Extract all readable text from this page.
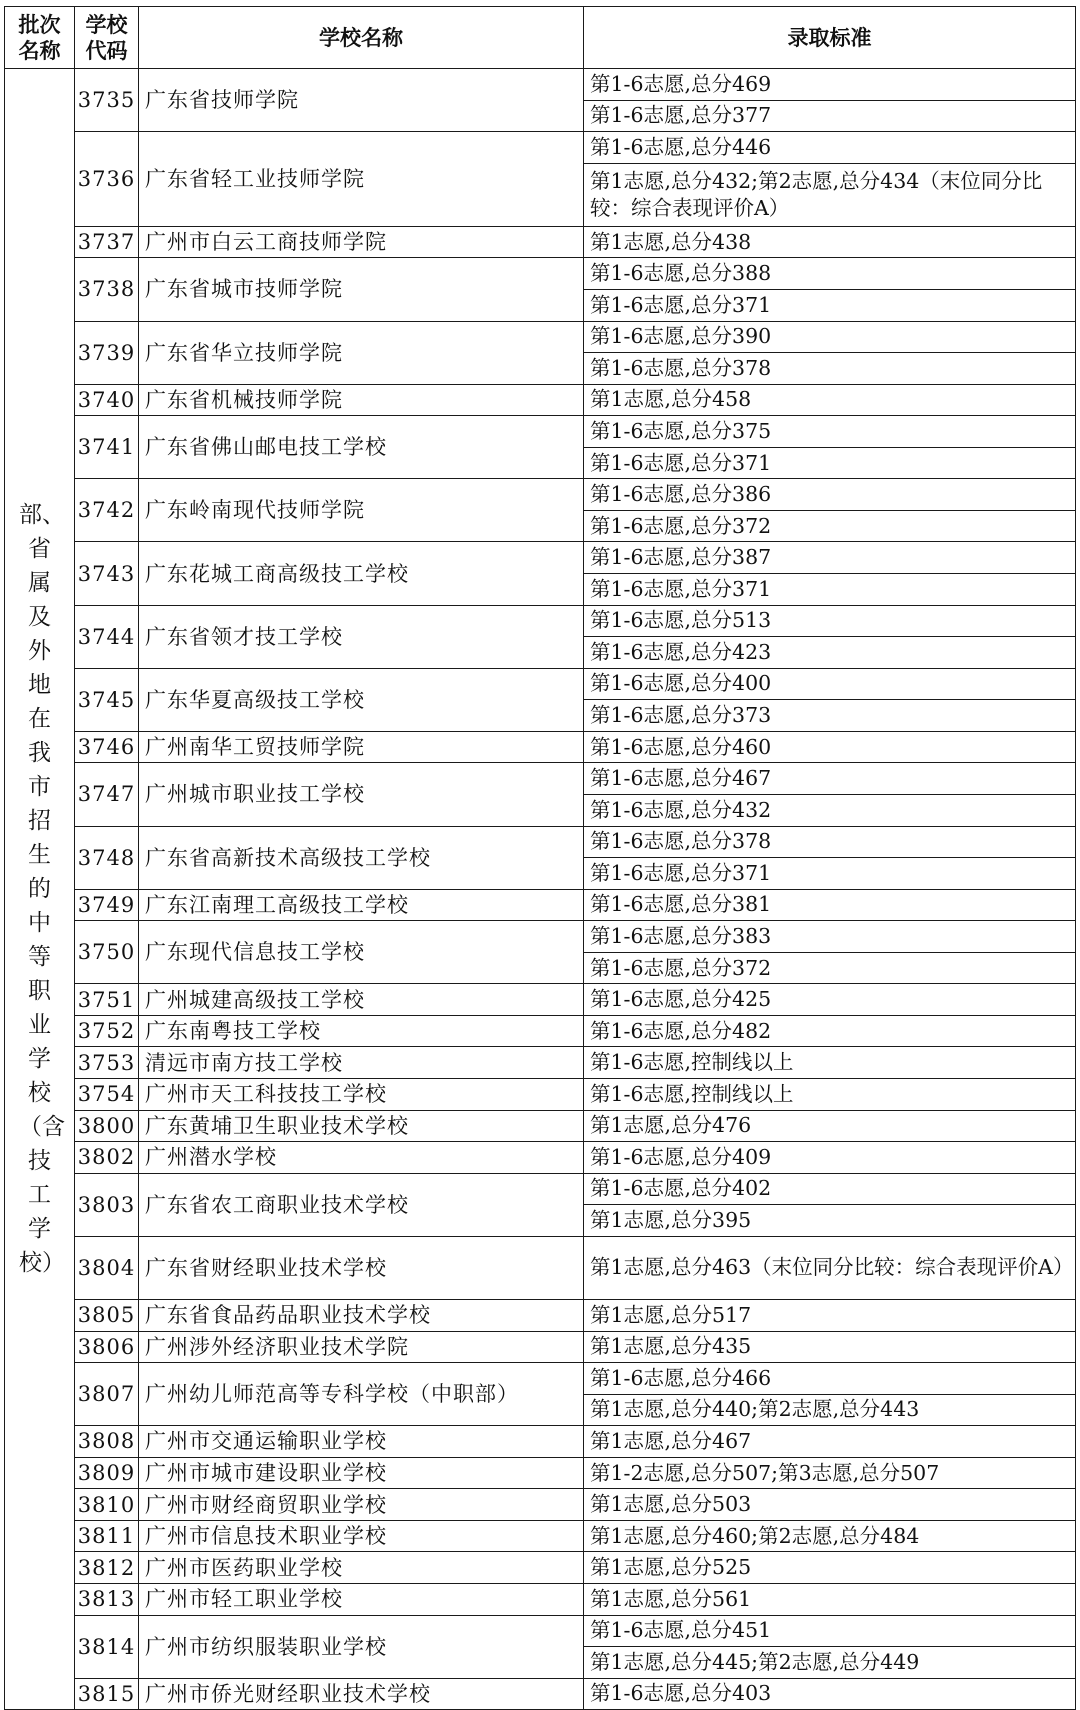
批次名称	学校代码	学校名称	录取标准
部、省属及外地在我市招生的中等职业学校（含技工学校）	3735	广东省技师学院	第1-6志愿,总分469
			第1-6志愿,总分377
	3736	广东省轻工业技师学院	第1-6志愿,总分446
			第1志愿,总分432;第2志愿,总分434（末位同分比较：综合表现评价A）

	3737	广州市白云工商技师学院	第1志愿,总分438
	3738	广东省城市技师学院	第1-6志愿,总分388
			第1-6志愿,总分371
	3739	广东省华立技师学院	第1-6志愿,总分390
			第1-6志愿,总分378
	3740	广东省机械技师学院	第1志愿,总分458
	3741	广东省佛山邮电技工学校	第1-6志愿,总分375
			第1-6志愿,总分371
	3742	广东岭南现代技师学院	第1-6志愿,总分386
			第1-6志愿,总分372
	3743	广东花城工商高级技工学校	第1-6志愿,总分387
			第1-6志愿,总分371
	3744	广东省领才技工学校	第1-6志愿,总分513
			第1-6志愿,总分423
	3745	广东华夏高级技工学校	第1-6志愿,总分400
			第1-6志愿,总分373
	3746	广州南华工贸技师学院	第1-6志愿,总分460
	3747	广州城市职业技工学校	第1-6志愿,总分467
			第1-6志愿,总分432
	3748	广东省高新技术高级技工学校	第1-6志愿,总分378
			第1-6志愿,总分371
	3749	广东江南理工高级技工学校	第1-6志愿,总分381
	3750	广东现代信息技工学校	第1-6志愿,总分383
			第1-6志愿,总分372
	3751	广州城建高级技工学校	第1-6志愿,总分425
	3752	广东南粤技工学校	第1-6志愿,总分482
	3753	清远市南方技工学校	第1-6志愿,控制线以上
	3754	广州市天工科技技工学校	第1-6志愿,控制线以上
	3800	广东黄埔卫生职业技术学校	第1志愿,总分476
	3802	广州潜水学校	第1-6志愿,总分409
	3803	广东省农工商职业技术学校	第1-6志愿,总分402
			第1志愿,总分395
	3804	广东省财经职业技术学校	第1志愿,总分463（末位同分比较：综合表现评价A）

	3805	广东省食品药品职业技术学校	第1志愿,总分517
	3806	广州涉外经济职业技术学院	第1志愿,总分435
	3807	广州幼儿师范高等专科学校（中职部）	第1-6志愿,总分466
			第1志愿,总分440;第2志愿,总分443
	3808	广州市交通运输职业学校	第1志愿,总分467
	3809	广州市城市建设职业学校	第1-2志愿,总分507;第3志愿,总分507
	3810	广州市财经商贸职业学校	第1志愿,总分503
	3811	广州市信息技术职业学校	第1志愿,总分460;第2志愿,总分484
	3812	广州市医药职业学校	第1志愿,总分525
	3813	广州市轻工职业学校	第1志愿,总分561
	3814	广州市纺织服装职业学校	第1-6志愿,总分451
			第1志愿,总分445;第2志愿,总分449
	3815	广州市侨光财经职业技术学校	第1-6志愿,总分403
